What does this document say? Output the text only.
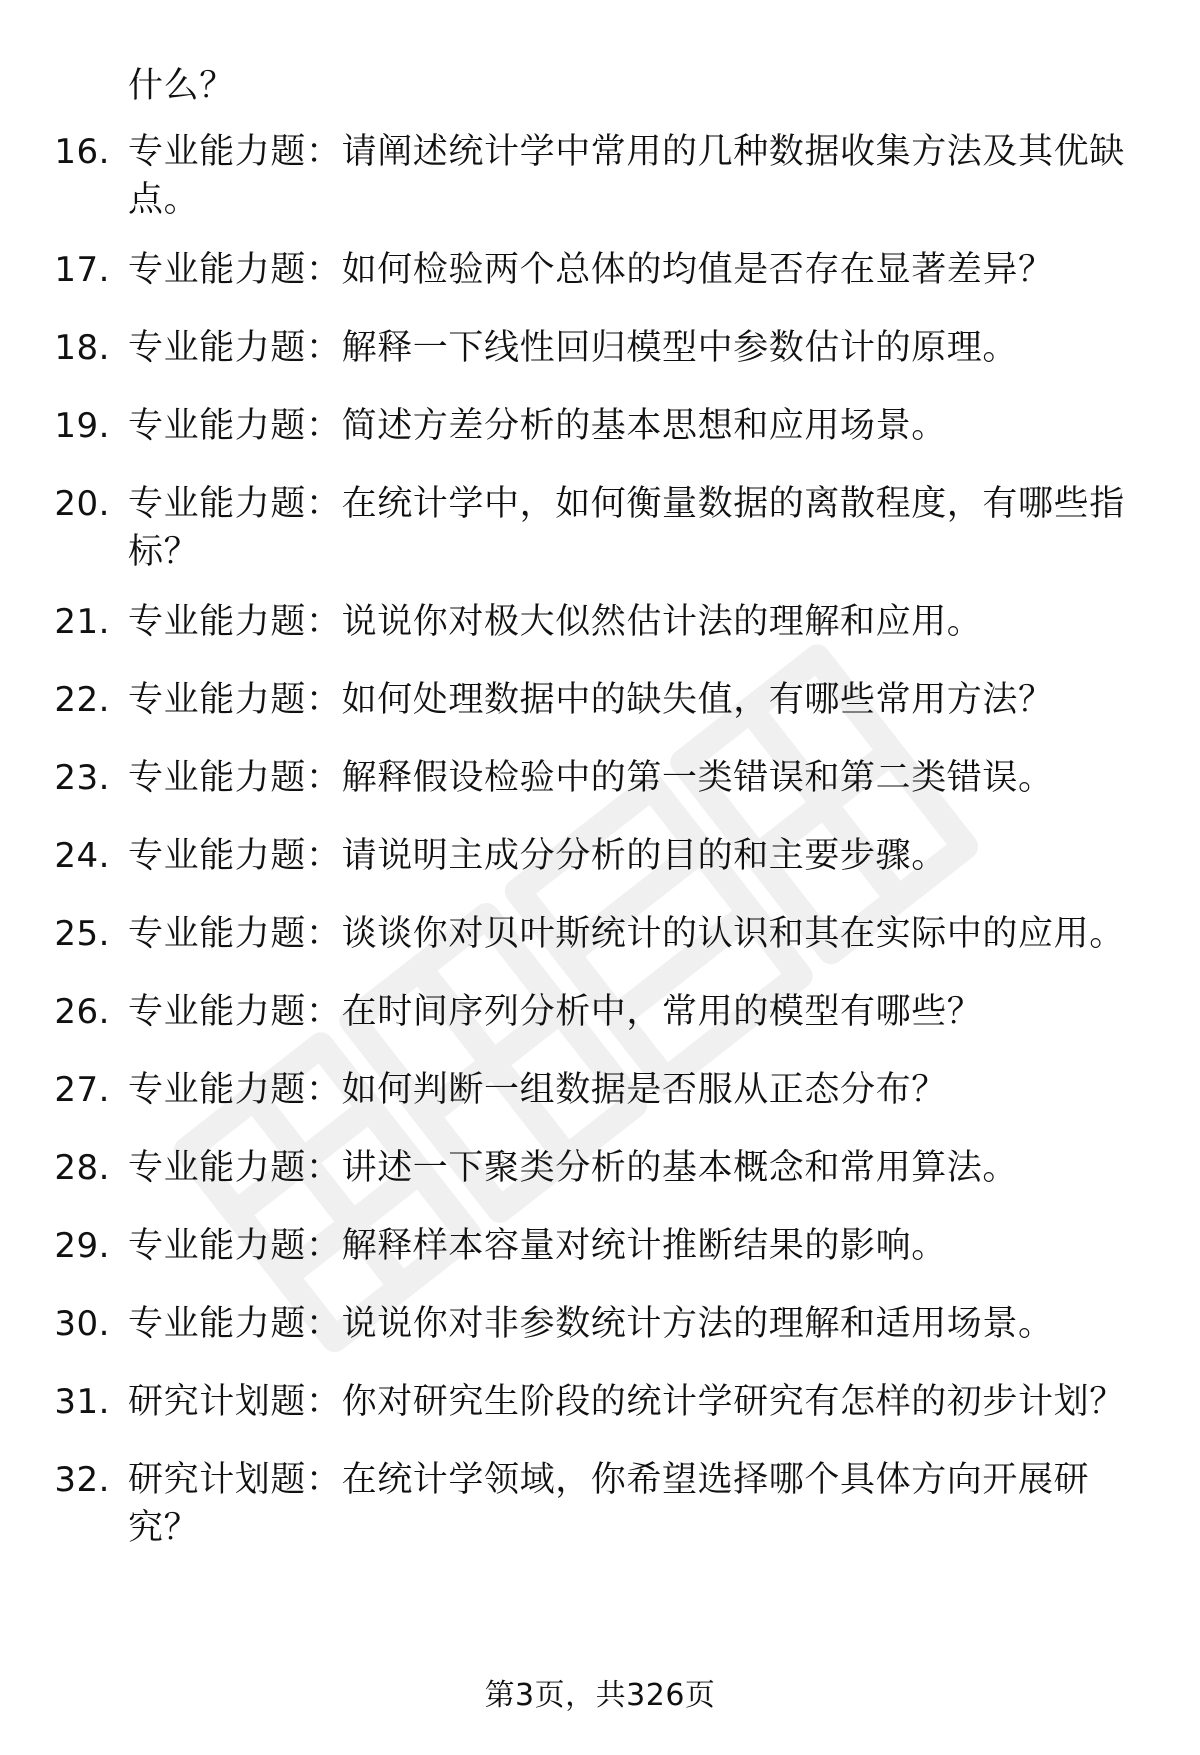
什么？
16. 专业能力题：请阐述统计学中常用的几种数据收集方法及其优缺点。
17. 专业能力题：如何检验两个总体的均值是否存在显著差异？
18. 专业能力题：解释一下线性回归模型中参数估计的原理。
19. 专业能力题：简述方差分析的基本思想和应用场景。
20. 专业能力题：在统计学中，如何衡量数据的离散程度，有哪些指标？
21. 专业能力题：说说你对极大似然估计法的理解和应用。
22. 专业能力题：如何处理数据中的缺失值，有哪些常用方法？
23. 专业能力题：解释假设检验中的第一类错误和第二类错误。
24. 专业能力题：请说明主成分分析的目的和主要步骤。
25. 专业能力题：谈谈你对贝叶斯统计的认识和其在实际中的应用。
26. 专业能力题：在时间序列分析中，常用的模型有哪些？
27. 专业能力题：如何判断一组数据是否服从正态分布？
28. 专业能力题：讲述一下聚类分析的基本概念和常用算法。
29. 专业能力题：解释样本容量对统计推断结果的影响。
30. 专业能力题：说说你对非参数统计方法的理解和适用场景。
31. 研究计划题：你对研究生阶段的统计学研究有怎样的初步计划？
32. 研究计划题：在统计学领域，你希望选择哪个具体方向开展研究？
第3页，共326页
